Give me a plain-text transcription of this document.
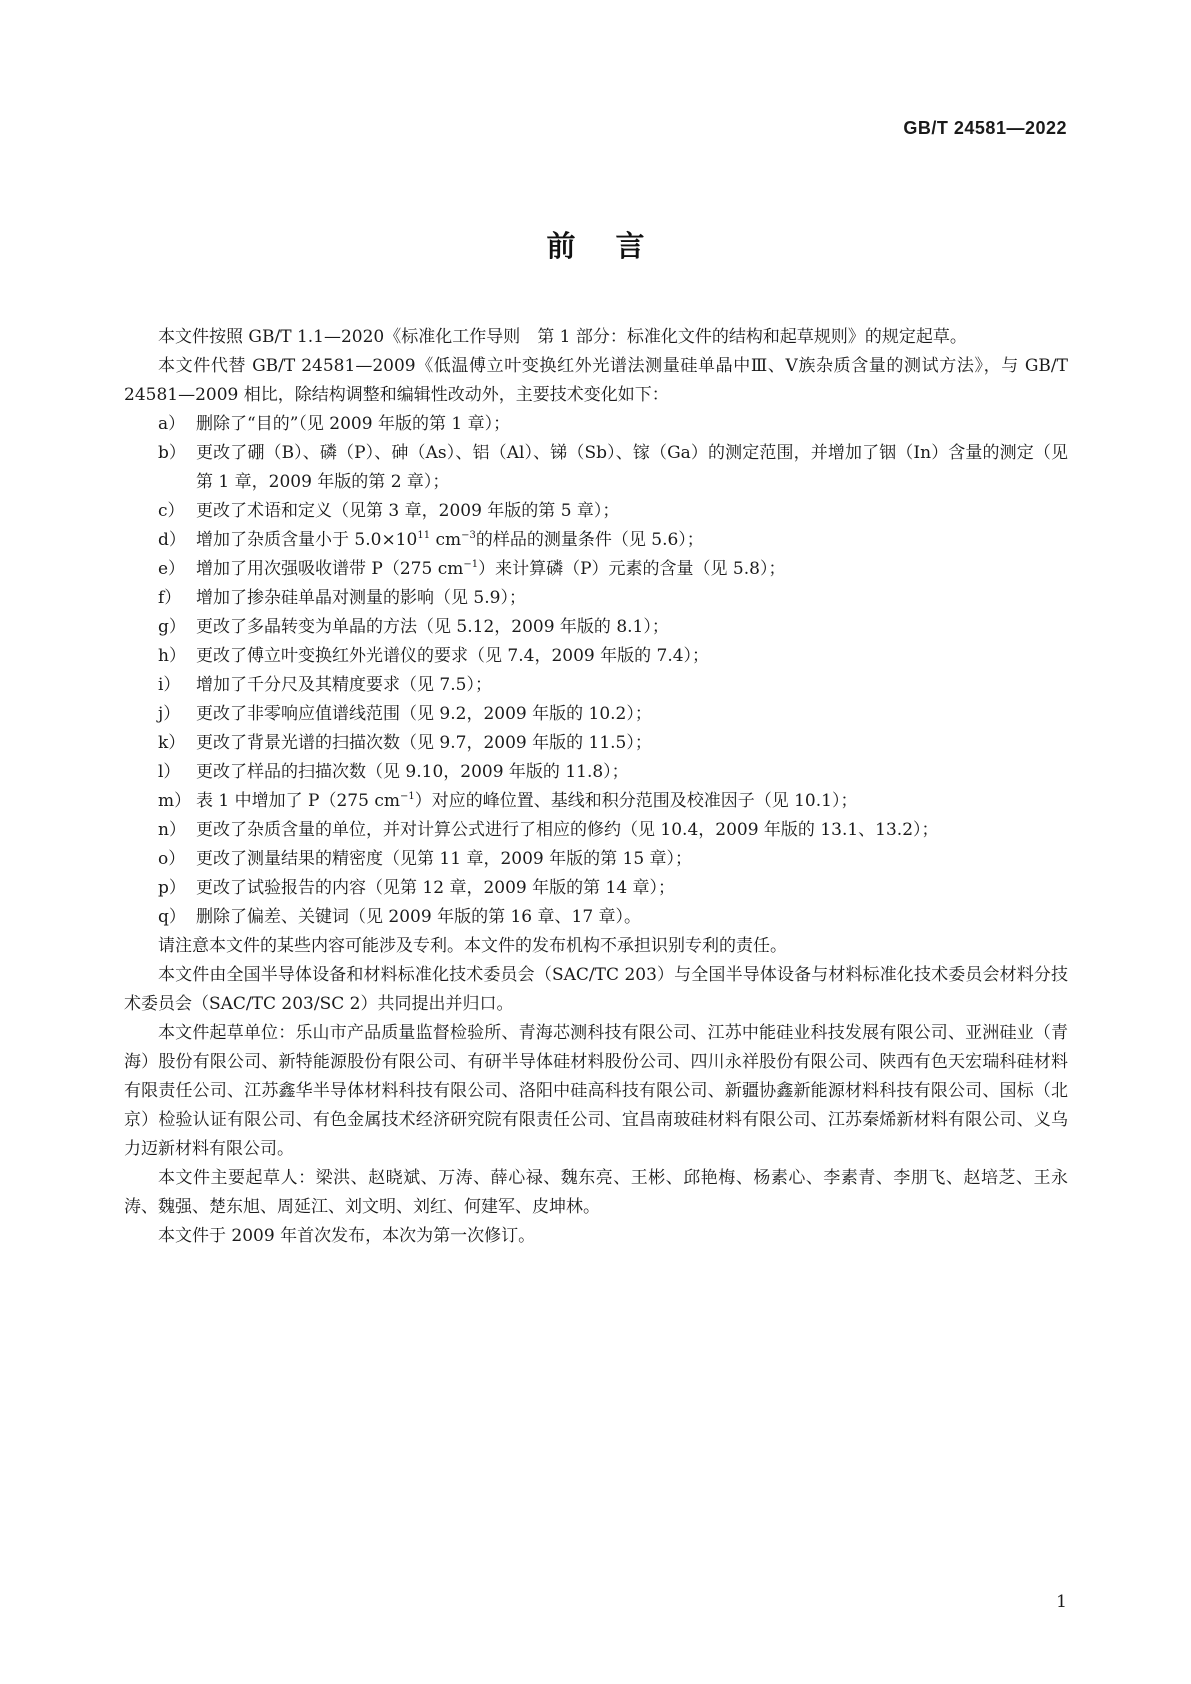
GB/T 24581—2022
前言

本文件按照 GB/T 1.1—2020《标准化工作导则　第 1 部分：标准化文件的结构和起草规则》的规定起草。

本文件代替 GB/T 24581—2009《低温傅立叶变换红外光谱法测量硅单晶中Ⅲ、Ⅴ族杂质含量的测试方法》，与 GB/T 24581—2009 相比，除结构调整和编辑性改动外，主要技术变化如下：

a） 删除了“目的”（见 2009 年版的第 1 章）；
b） 更改了硼（B）、磷（P）、砷（As）、铝（Al）、锑（Sb）、镓（Ga）的测定范围，并增加了铟（In）含量的测定（见第 1 章，2009 年版的第 2 章）；
c） 更改了术语和定义（见第 3 章，2009 年版的第 5 章）；
d） 增加了杂质含量小于 $5.0\times 10^{11}$ $cm^{-3}$的样品的测量条件（见 5.6）；
e） 增加了用次强吸收谱带 P（275 $cm^{-1}$）来计算磷（P）元素的含量（见 5.8）；
f） 增加了掺杂硅单晶对测量的影响（见 5.9）；
g） 更改了多晶转变为单晶的方法（见 5.12，2009 年版的 8.1）；
h） 更改了傅立叶变换红外光谱仪的要求（见 7.4，2009 年版的 7.4）；
i） 增加了千分尺及其精度要求（见 7.5）；
j） 更改了非零响应值谱线范围（见 9.2，2009 年版的 10.2）；
k） 更改了背景光谱的扫描次数（见 9.7，2009 年版的 11.5）；
l） 更改了样品的扫描次数（见 9.10，2009 年版的 11.8）；
m） 表 1 中增加了 P（275 $cm^{-1}$）对应的峰位置、基线和积分范围及校准因子（见 10.1）；
n） 更改了杂质含量的单位，并对计算公式进行了相应的修约（见 10.4，2009 年版的 13.1、13.2）；
o） 更改了测量结果的精密度（见第 11 章，2009 年版的第 15 章）；
p） 更改了试验报告的内容（见第 12 章，2009 年版的第 14 章）；
q） 删除了偏差、关键词（见 2009 年版的第 16 章、17 章）。

请注意本文件的某些内容可能涉及专利。本文件的发布机构不承担识别专利的责任。

本文件由全国半导体设备和材料标准化技术委员会（SAC/TC 203）与全国半导体设备与材料标准化技术委员会材料分技术委员会（SAC/TC 203/SC 2）共同提出并归口。

本文件起草单位：乐山市产品质量监督检验所、青海芯测科技有限公司、江苏中能硅业科技发展有限公司、亚洲硅业（青海）股份有限公司、新特能源股份有限公司、有研半导体硅材料股份公司、四川永祥股份有限公司、陕西有色天宏瑞科硅材料有限责任公司、江苏鑫华半导体材料科技有限公司、洛阳中硅高科技有限公司、新疆协鑫新能源材料科技有限公司、国标（北京）检验认证有限公司、有色金属技术经济研究院有限责任公司、宜昌南玻硅材料有限公司、江苏秦烯新材料有限公司、义乌力迈新材料有限公司。

本文件主要起草人：梁洪、赵晓斌、万涛、薛心禄、魏东亮、王彬、邱艳梅、杨素心、李素青、李朋飞、赵培芝、王永涛、魏强、楚东旭、周延江、刘文明、刘红、何建军、皮坤林。

本文件于 2009 年首次发布，本次为第一次修订。

1
